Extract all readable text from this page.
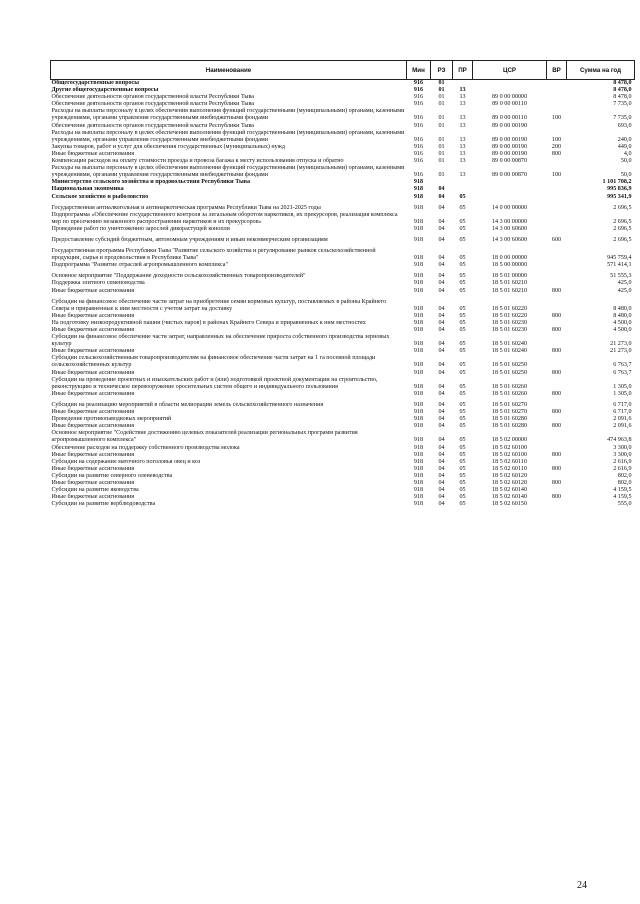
Наименование	Мин	РЗ	ПР	ЦСР	ВР	Сумма на год
Общегосударственные вопросы	916	01				8 478,0
Другие общегосударственные вопросы	916	01	13			8 478,0
Обеспечение деятельности органов государственной власти Республики Тыва	916	01	13	89 0 00 00000		8 478,0
Обеспечение деятельности органов государственной власти Республики Тыва	916	01	13	89 0 00 00110		7 735,0
Расходы на выплаты персоналу в целях обеспечения выполнения функций государственными (муниципальными) органами, казенными учреждениями, органами управления государственными внебюджетными фондами	916	01	13	89 0 00 00110	100	7 735,0
Обеспечение деятельности органов государственной власти Республики Тыва	916	01	13	89 0 00 00190		693,0
Расходы на выплаты персоналу в целях обеспечения выполнения функций государственными (муниципальными) органами, казенными учреждениями, органами управления государственными внебюджетными фондами	916	01	13	89 0 00 00190	100	240,0
Закупка товаров, работ и услуг для обеспечения государственных (муниципальных) нужд	916	01	13	89 0 00 00190	200	449,0
Иные бюджетные ассигнования	916	01	13	89 0 00 00190	800	4,0
Компенсация расходов на оплату стоимости проезда и провоза багажа к месту использования отпуска и обратно	916	01	13	89 0 00 00870		50,0
Расходы на выплаты персоналу в целях обеспечения выполнения функций государственными (муниципальными) органами, казенными учреждениями, органами управления государственными внебюджетными фондами	916	01	13	89 0 00 00870	100	50,0
Министерство сельского хозяйства и продовольствия Республики Тыва	918					1 101 708,2
Национальная экономика	918	04				995 836,9
Сельское хозяйство и рыболовство	918	04	05			995 341,9
Государственная антиалкогольная и антинаркотическая программа Республики Тыва на 2021-2025 годы	918	04	05	14 0 00 00000		2 696,5
Подпрограмма «Обеспечение государственного контроля за легальным оборотом наркотиков, их прекурсоров, реализация комплекса мер по пресечению незаконного распространения наркотиков и их прекурсоров»	918	04	05	14 3 00 00000		2 696,5
Проведение работ по уничтожению зарослей дикорастущей конопли	918	04	05	14 3 00 60600		2 696,5
Предоставление субсидий бюджетным, автономным учреждениям и иным некоммерческим организациям	918	04	05	14 3 00 60600	600	2 696,5
Государственная программа Республики Тыва "Развитие сельского хозяйства и регулирование рынков сельскохозяйственной продукции, сырья и продовольствия в Республике Тыва"	918	04	05	18 0 00 00000		945 759,4
Подпрограмма "Развитие отраслей агропромышленного комплекса"	918	04	05	18 5 00 00000		571 414,1
Основное мероприятие "Поддержание доходности сельскохозяйственных товаропроизводителей"	918	04	05	18 5 01 00000		51 555,3
Поддержка элитного семеноводства	918	04	05	18 5 01 60210		425,0
Иные бюджетные ассигнования	918	04	05	18 5 01 60210	800	425,0
Субсидии на финансовое обеспечение части затрат на приобретение семян кормовых культур, поставляемых в районы Крайнего Севера и приравненные к ним местности с учетом затрат на доставку	918	04	05	18 5 01 60220		8 480,0
Иные бюджетные ассигнования	918	04	05	18 5 01 60220	800	8 480,0
На подготовку низкопродуктивной пашни (чистых паров) в районах Крайнего Севера и приравненных к ним местностях	918	04	05	18 5 01 60230		4 500,0
Иные бюджетные ассигнования	918	04	05	18 5 01 60230	800	4 500,0
Субсидии на финансовое обеспечение части затрат, направленных на обеспечение прироста собственного производства зерновых культур	918	04	05	18 5 01 60240		21 273,0
Иные бюджетные ассигнования	918	04	05	18 5 01 60240	800	21 273,0
Субсидии сельскохозяйственным товаропроизводителям на финансовое обеспечение части затрат на 1 га посевной площади сельскохозяйственных культур	918	04	05	18 5 01 60250		6 763,7
Иные бюджетные ассигнования	918	04	05	18 5 01 60250	800	6 763,7
Субсидии на проведение проектных и изыскательских работ и (или) подготовкой проектной документации на строительство, реконструкцию и техническое перевооружение оросительных систем общего и индивидуального пользования	918	04	05	18 5 01 60260		1 305,0
Иные бюджетные ассигнования	918	04	05	18 5 01 60260	800	1 305,0
Субсидии на реализацию мероприятий в области мелиорации земель сельскохозяйственного назначения	918	04	05	18 5 01 60270		6 717,0
Иные бюджетные ассигнования	918	04	05	18 5 01 60270	800	6 717,0
Проведение противопаводковых мероприятий	918	04	05	18 5 01 60280		2 091,6
Иные бюджетные ассигнования	918	04	05	18 5 01 60280	800	2 091,6
Основное мероприятие "Содействие достижению целевых показателей реализации региональных программ развития агропромышленного комплекса"	918	04	05	18 5 02 00000		474 963,8
Обеспечение расходов на поддержку собственного производства молока	918	04	05	18 5 02 60100		3 300,0
Иные бюджетные ассигнования	918	04	05	18 5 02 60100	800	3 300,0
Субсидии на содержание маточного поголовья овец и коз	918	04	05	18 5 02 60110		2 616,9
Иные бюджетные ассигнования	918	04	05	18 5 02 60110	800	2 616,9
Субсидии на развитие северного оленеводства	918	04	05	18 5 02 60120		802,0
Иные бюджетные ассигнования	918	04	05	18 5 02 60120	800	802,0
Субсидии на развитие яководства	918	04	05	18 5 02 60140		4 159,5
Иные бюджетные ассигнования	918	04	05	18 5 02 60140	800	4 159,5
Субсидии на развитие верблюдоводства	918	04	05	18 5 02 60150		555,0
24
